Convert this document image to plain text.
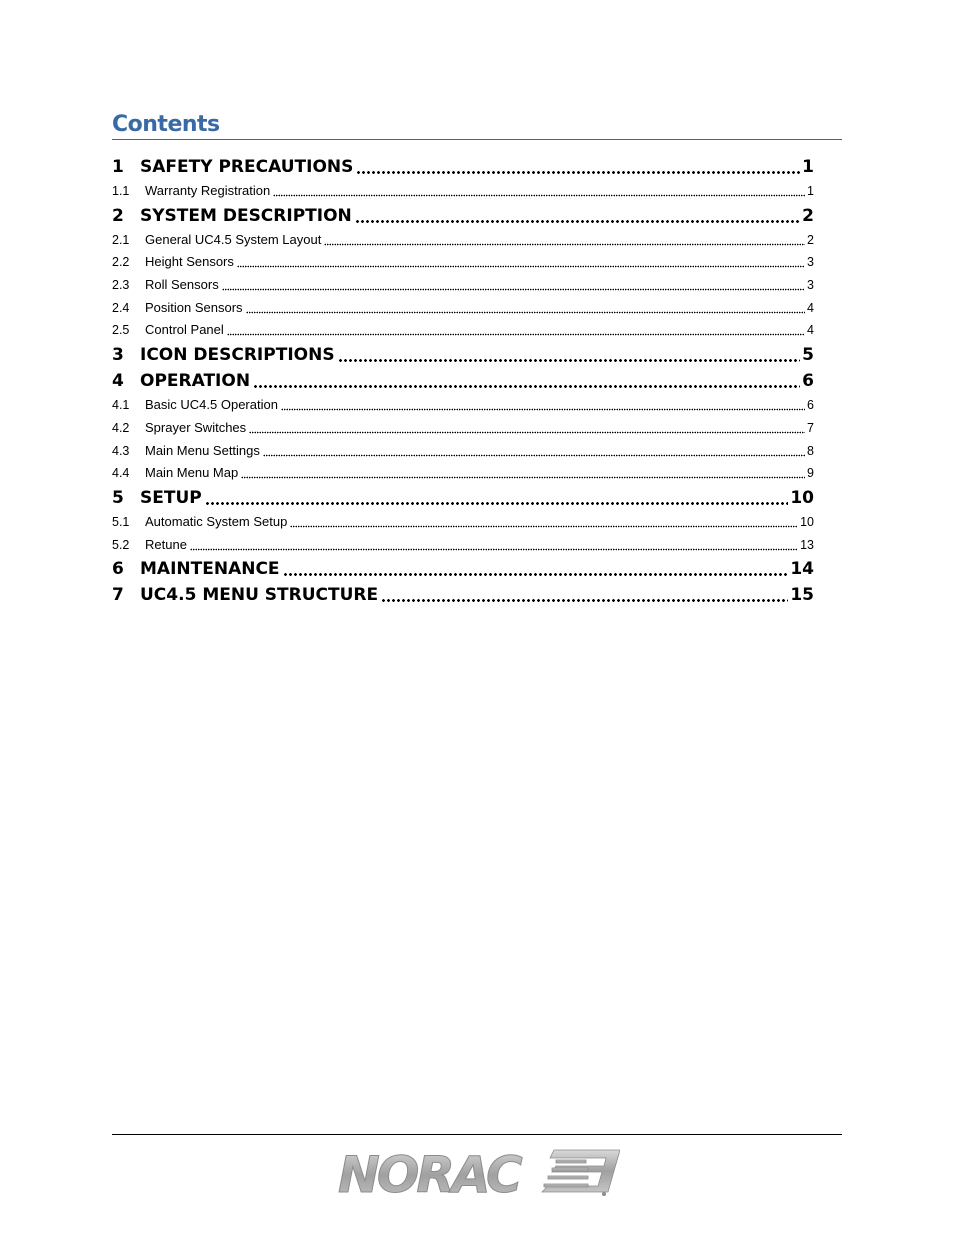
Contents
1 SAFETY PRECAUTIONS	1
1.1	Warranty Registration	1
2 SYSTEM DESCRIPTION	2
2.1	General UC4.5 System Layout	2
2.2	Height Sensors	3
2.3	Roll Sensors	3
2.4	Position Sensors	4
2.5	Control Panel	4
3 ICON DESCRIPTIONS	5
4 OPERATION	6
4.1	Basic UC4.5 Operation	6
4.2	Sprayer Switches	7
4.3	Main Menu Settings	8
4.4	Main Menu Map	9
5 SETUP	10
5.1	Automatic System Setup	10
5.2	Retune	13
6 MAINTENANCE	14
7 UC4.5 MENU STRUCTURE	15
NORAC
